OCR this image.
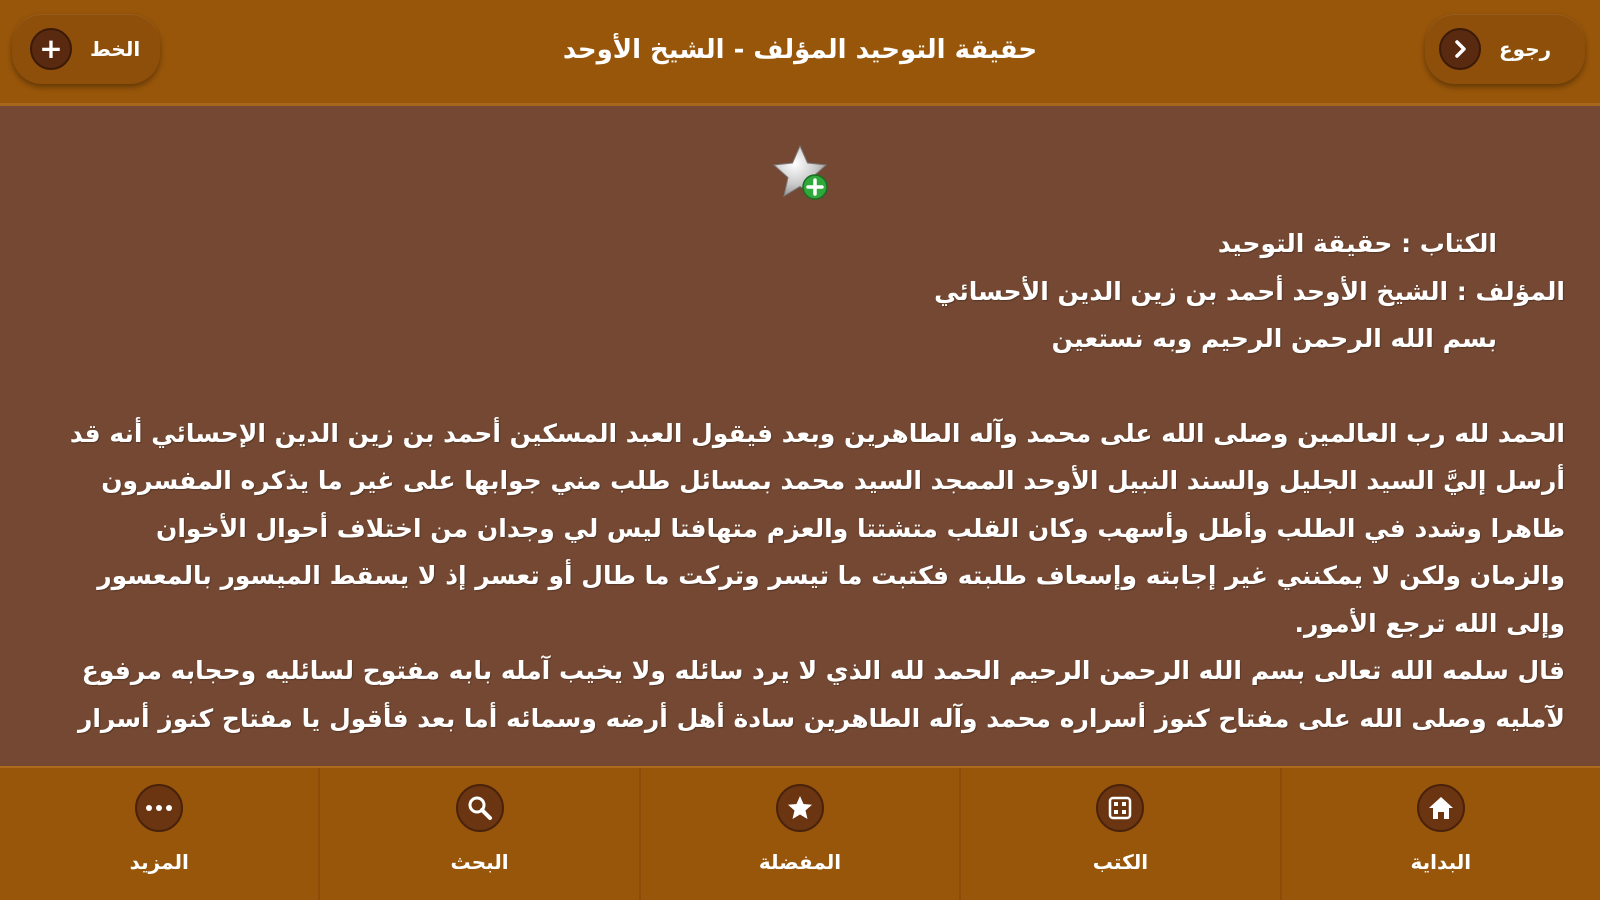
+	الخط	حقيقة التوحيد المؤلف - الشيخ الأوحد	رجوع

الكتاب : حقيقة التوحيد

المؤلف : الشيخ الأوحد أحمد بن زين الدين الأحسائي

بسم الله الرحمن الرحيم وبه نستعين

الحمد لله رب العالمين وصلى الله على محمد وآله الطاهرين وبعد فيقول العبد المسكين أحمد بن زين الدين الإحسائي أنه قد أرسل إليَّ السيد الجليل والسند النبيل الأوحد الممجد السيد محمد بمسائل طلب مني جوابها على غير ما يذكره المفسرون ظاهرا وشدد في الطلب وأطل وأسهب وكان القلب متشتتا والعزم متهافتا ليس لي وجدان من اختلاف أحوال الأخوان والزمان ولكن لا يمكنني غير إجابته وإسعاف طلبته فكتبت ما تيسر وتركت ما طال أو تعسر إذ لا يسقط الميسور بالمعسور وإلى الله ترجع الأمور.

قال سلمه الله تعالى بسم الله الرحمن الرحيم الحمد لله الذي لا يرد سائله ولا يخيب آمله بابه مفتوح لسائليه وحجابه مرفوع لآمليه وصلى الله على مفتاح كنوز أسراره محمد وآله الطاهرين سادة أهل أرضه وسمائه أما بعد فأقول يا مفتاح كنوز أسرار

المزيد	البحث	المفضلة	الكتب	البداية
